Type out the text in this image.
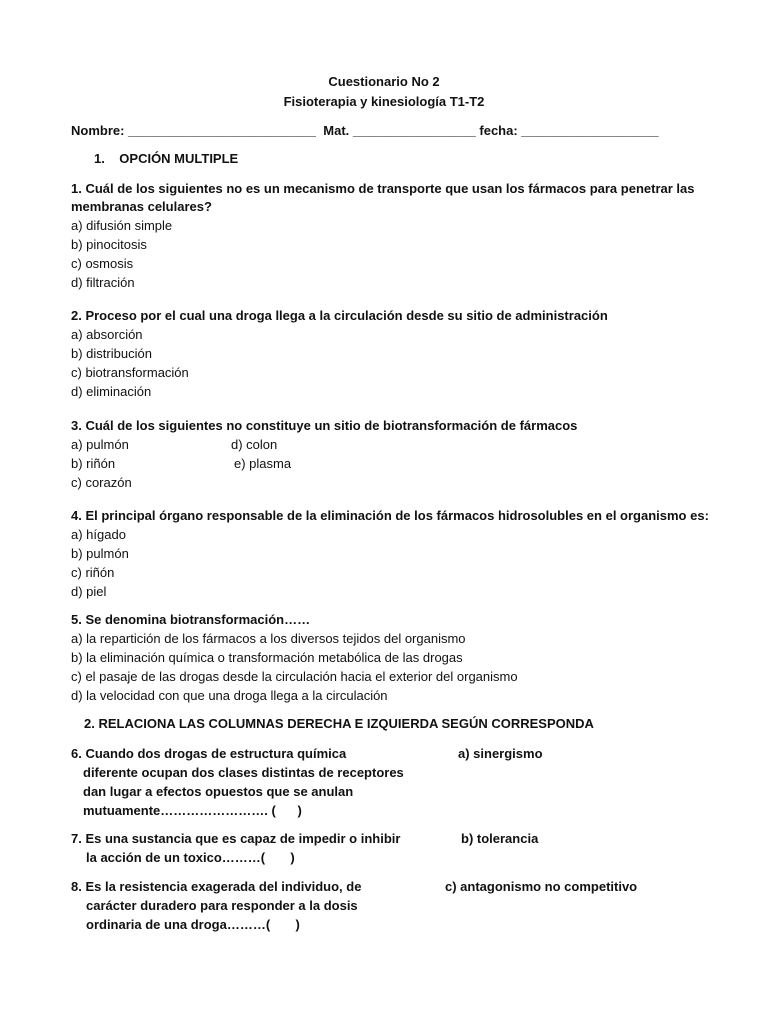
Cuestionario No 2
Fisioterapia y kinesiología T1-T2
Nombre: __________________________  Mat. _________________ fecha: ___________________
1.    OPCIÓN MULTIPLE
1. Cuál de los siguientes no es un mecanismo de transporte que usan los fármacos para penetrar las
membranas celulares?
a) difusión simple
b) pinocitosis
c) osmosis
d) filtración
2. Proceso por el cual una droga llega a la circulación desde su sitio de administración
a) absorción
b) distribución
c) biotransformación
d) eliminación
3. Cuál de los siguientes no constituye un sitio de biotransformación de fármacos
a) pulmón	d) colon
b) riñón	e) plasma
c) corazón
4. El principal órgano responsable de la eliminación de los fármacos hidrosolubles en el organismo es:
a) hígado
b) pulmón
c) riñón
d) piel
5. Se denomina biotransformación……
a) la repartición de los fármacos a los diversos tejidos del organismo
b) la eliminación química o transformación metabólica de las drogas
c) el pasaje de las drogas desde la circulación hacia el exterior del organismo
d) la velocidad con que una droga llega a la circulación
2. RELACIONA LAS COLUMNAS DERECHA E IZQUIERDA SEGÚN CORRESPONDA
6. Cuando dos drogas de estructura química
diferente ocupan dos clases distintas de receptores
dan lugar a efectos opuestos que se anulan
mutuamente……………………. (      )
a) sinergismo
7. Es una sustancia que es capaz de impedir o inhibir
la acción de un toxico………(       )
b) tolerancia
8. Es la resistencia exagerada del individuo, de
carácter duradero para responder a la dosis
ordinaria de una droga………(       )
c) antagonismo no competitivo
